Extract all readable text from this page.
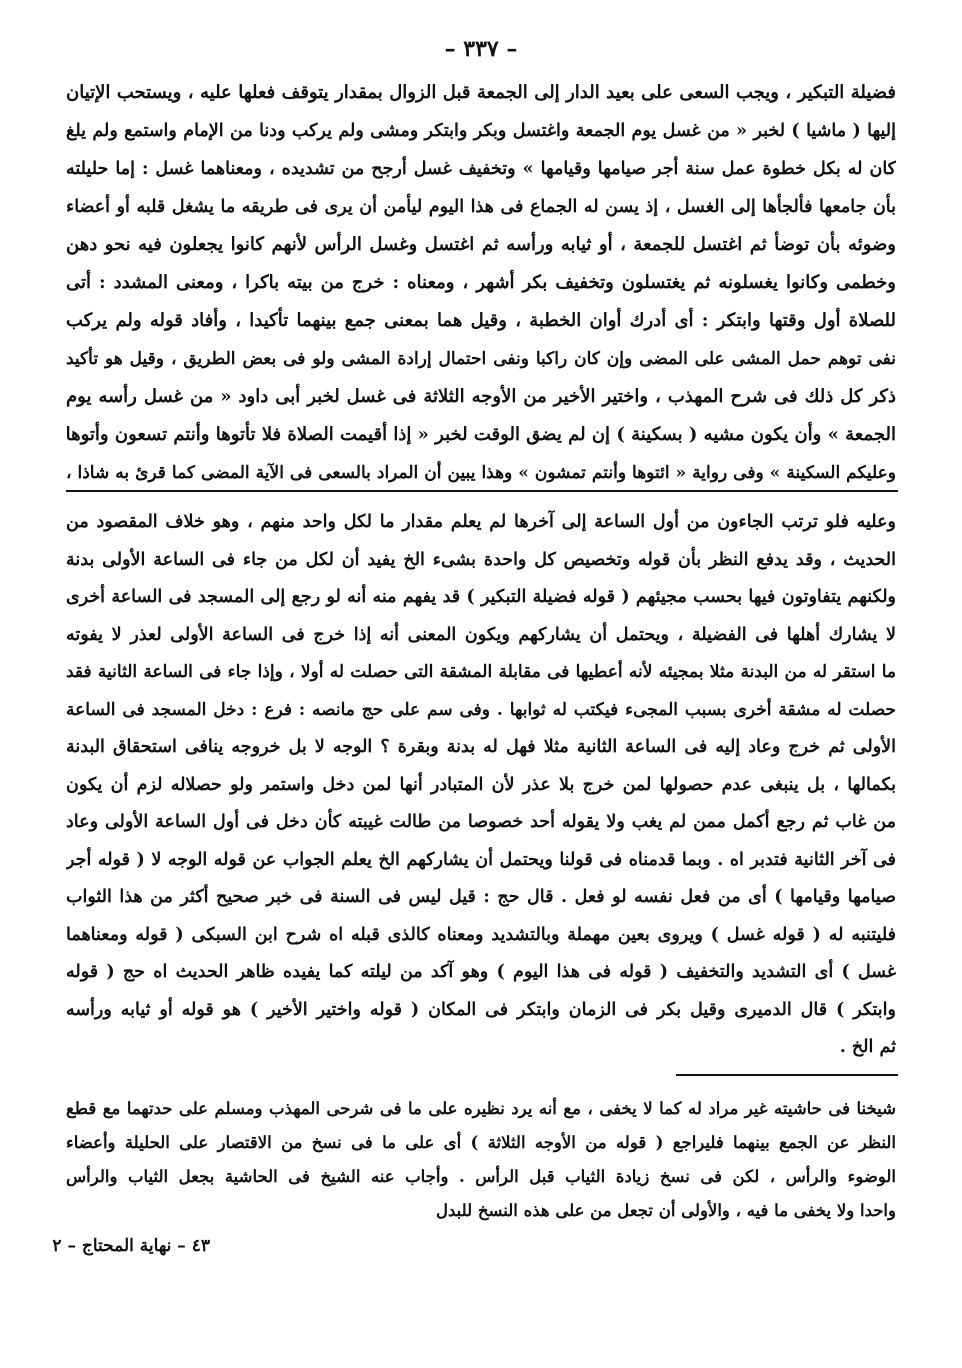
– ٣٣٧ –
فضيلة التبكير ، ويجب السعى على بعيد الدار إلى الجمعة قبل الزوال بمقدار يتوقف فعلها عليه ، ويستحب الإتيان
إليها ( ماشيا ) لخبر « من غسل يوم الجمعة واغتسل وبكر وابتكر ومشى ولم يركب ودنا من الإمام واستمع ولم يلغ
كان له بكل خطوة عمل سنة أجر صيامها وقيامها » وتخفيف غسل أرجح من تشديده ، ومعناهما غسل : إما حليلته
بأن جامعها فألجأها إلى الغسل ، إذ يسن له الجماع فى هذا اليوم ليأمن أن يرى فى طريقه ما يشغل قلبه أو أعضاء
وضوئه بأن توضأ ثم اغتسل للجمعة ، أو ثيابه ورأسه ثم اغتسل وغسل الرأس لأنهم كانوا يجعلون فيه نحو دهن
وخطمى وكانوا يغسلونه ثم يغتسلون وتخفيف بكر أشهر ، ومعناه : خرج من بيته باكرا ، ومعنى المشدد : أتى
للصلاة أول وقتها وابتكر : أى أدرك أوان الخطبة ، وقيل هما بمعنى جمع بينهما تأكيدا ، وأفاد قوله ولم يركب
نفى توهم حمل المشى على المضى وإن كان راكبا ونفى احتمال إرادة المشى ولو فى بعض الطريق ، وقيل هو تأكيد
ذكر كل ذلك فى شرح المهذب ، واختير الأخير من الأوجه الثلاثة فى غسل لخبر أبى داود « من غسل رأسه يوم
الجمعة » وأن يكون مشيه ( بسكينة ) إن لم يضق الوقت لخبر « إذا أقيمت الصلاة فلا تأتوها وأنتم تسعون وأتوها
وعليكم السكينة » وفى رواية « ائتوها وأنتم تمشون » وهذا يبين أن المراد بالسعى فى الآية المضى كما قرئ به شاذا ،
وعليه فلو ترتب الجاءون من أول الساعة إلى آخرها لم يعلم مقدار ما لكل واحد منهم ، وهو خلاف المقصود من
الحديث ، وقد يدفع النظر بأن قوله وتخصيص كل واحدة بشىء الخ يفيد أن لكل من جاء فى الساعة الأولى بدنة
ولكنهم يتفاوتون فيها بحسب مجيئهم ( قوله فضيلة التبكير ) قد يفهم منه أنه لو رجع إلى المسجد فى الساعة أخرى
لا يشارك أهلها فى الفضيلة ، ويحتمل أن يشاركهم ويكون المعنى أنه إذا خرج فى الساعة الأولى لعذر لا يفوته
ما استقر له من البدنة مثلا بمجيئه لأنه أعطيها فى مقابلة المشقة التى حصلت له أولا ، وإذا جاء فى الساعة الثانية فقد
حصلت له مشقة أخرى بسبب المجىء فيكتب له ثوابها . وفى سم على حج مانصه : فرع : دخل المسجد فى الساعة
الأولى ثم خرج وعاد إليه فى الساعة الثانية مثلا فهل له بدنة وبقرة ؟ الوجه لا بل خروجه ينافى استحقاق البدنة
بكمالها ، بل ينبغى عدم حصولها لمن خرج بلا عذر لأن المتبادر أنها لمن دخل واستمر ولو حصلاله لزم أن يكون
من غاب ثم رجع أكمل ممن لم يغب ولا يقوله أحد خصوصا من طالت غيبته كأن دخل فى أول الساعة الأولى وعاد
فى آخر الثانية فتدبر اه . وبما قدمناه فى قولنا ويحتمل أن يشاركهم الخ يعلم الجواب عن قوله الوجه لا ( قوله أجر
صيامها وقيامها ) أى من فعل نفسه لو فعل . قال حج : قيل ليس فى السنة فى خبر صحيح أكثر من هذا الثواب
فليتنبه له ( قوله غسل ) ويروى بعين مهملة وبالتشديد ومعناه كالذى قبله اه شرح ابن السبكى ( قوله ومعناهما
غسل ) أى التشديد والتخفيف ( قوله فى هذا اليوم ) وهو آكد من ليلته كما يفيده ظاهر الحديث اه حج ( قوله
وابتكر ) قال الدميرى وقيل بكر فى الزمان وابتكر فى المكان ( قوله واختير الأخير ) هو قوله أو ثيابه ورأسه
ثم الخ .
شيخنا فى حاشيته غير مراد له كما لا يخفى ، مع أنه يرد نظيره على ما فى شرحى المهذب ومسلم على حدتهما مع قطع
النظر عن الجمع بينهما فليراجع ( قوله من الأوجه الثلاثة ) أى على ما فى نسخ من الاقتصار على الحليلة وأعضاء
الوضوء والرأس ، لكن فى نسخ زيادة الثياب قبل الرأس . وأجاب عنه الشيخ فى الحاشية بجعل الثياب والرأس
واحدا ولا يخفى ما فيه ، والأولى أن تجعل من على هذه النسخ للبدل
٤٣ – نهاية المحتاج – ٢
